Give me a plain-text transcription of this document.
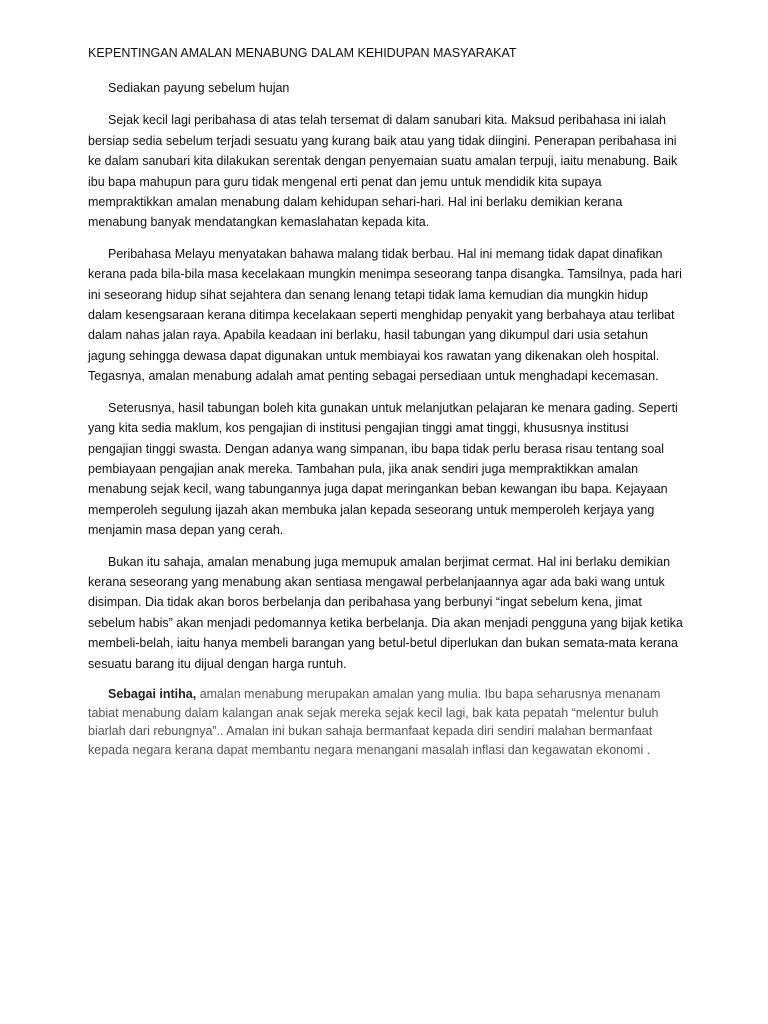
KEPENTINGAN AMALAN MENABUNG DALAM KEHIDUPAN MASYARAKAT
Sediakan payung sebelum hujan

Sejak kecil lagi peribahasa di atas telah tersemat di dalam sanubari kita. Maksud peribahasa ini ialah bersiap sedia sebelum terjadi sesuatu yang kurang baik atau yang tidak diingini. Penerapan peribahasa ini ke dalam sanubari kita dilakukan serentak dengan penyemaian suatu amalan terpuji, iaitu menabung. Baik ibu bapa mahupun para guru tidak mengenal erti penat dan jemu untuk mendidik kita supaya mempraktikkan amalan menabung dalam kehidupan sehari-hari. Hal ini berlaku demikian kerana menabung banyak mendatangkan kemaslahatan kepada kita.

Peribahasa Melayu menyatakan bahawa malang tidak berbau. Hal ini memang tidak dapat dinafikan kerana pada bila-bila masa kecelakaan mungkin menimpa seseorang tanpa disangka. Tamsilnya, pada hari ini seseorang hidup sihat sejahtera dan senang lenang tetapi tidak lama kemudian dia mungkin hidup dalam kesengsaraan kerana ditimpa kecelakaan seperti menghidap penyakit yang berbahaya atau terlibat dalam nahas jalan raya. Apabila keadaan ini berlaku, hasil tabungan yang dikumpul dari usia setahun jagung sehingga dewasa dapat digunakan untuk membiayai kos rawatan yang dikenakan oleh hospital. Tegasnya, amalan menabung adalah amat penting sebagai persediaan untuk menghadapi kecemasan.

Seterusnya, hasil tabungan boleh kita gunakan untuk melanjutkan pelajaran ke menara gading. Seperti yang kita sedia maklum, kos pengajian di institusi pengajian tinggi amat tinggi, khususnya institusi pengajian tinggi swasta. Dengan adanya wang simpanan, ibu bapa tidak perlu berasa risau tentang soal pembiayaan pengajian anak mereka. Tambahan pula, jika anak sendiri juga mempraktikkan amalan menabung sejak kecil, wang tabungannya juga dapat meringankan beban kewangan ibu bapa. Kejayaan memperoleh segulung ijazah akan membuka jalan kepada seseorang untuk memperoleh kerjaya yang menjamin masa depan yang cerah.

Bukan itu sahaja, amalan menabung juga memupuk amalan berjimat cermat. Hal ini berlaku demikian kerana seseorang yang menabung akan sentiasa mengawal perbelanjaannya agar ada baki wang untuk disimpan. Dia tidak akan boros berbelanja dan peribahasa yang berbunyi “ingat sebelum kena, jimat sebelum habis” akan menjadi pedomannya ketika berbelanja. Dia akan menjadi pengguna yang bijak ketika membeli-belah, iaitu hanya membeli barangan yang betul-betul diperlukan dan bukan semata-mata kerana sesuatu barang itu dijual dengan harga runtuh.

Sebagai intiha, amalan menabung merupakan amalan yang mulia. Ibu bapa seharusnya menanam tabiat menabung dalam kalangan anak sejak mereka sejak kecil lagi, bak kata pepatah “melentur buluh biarlah dari rebungnya”.. Amalan ini bukan sahaja bermanfaat kepada diri sendiri malahan bermanfaat kepada negara kerana dapat membantu negara menangani masalah inflasi dan kegawatan ekonomi .
